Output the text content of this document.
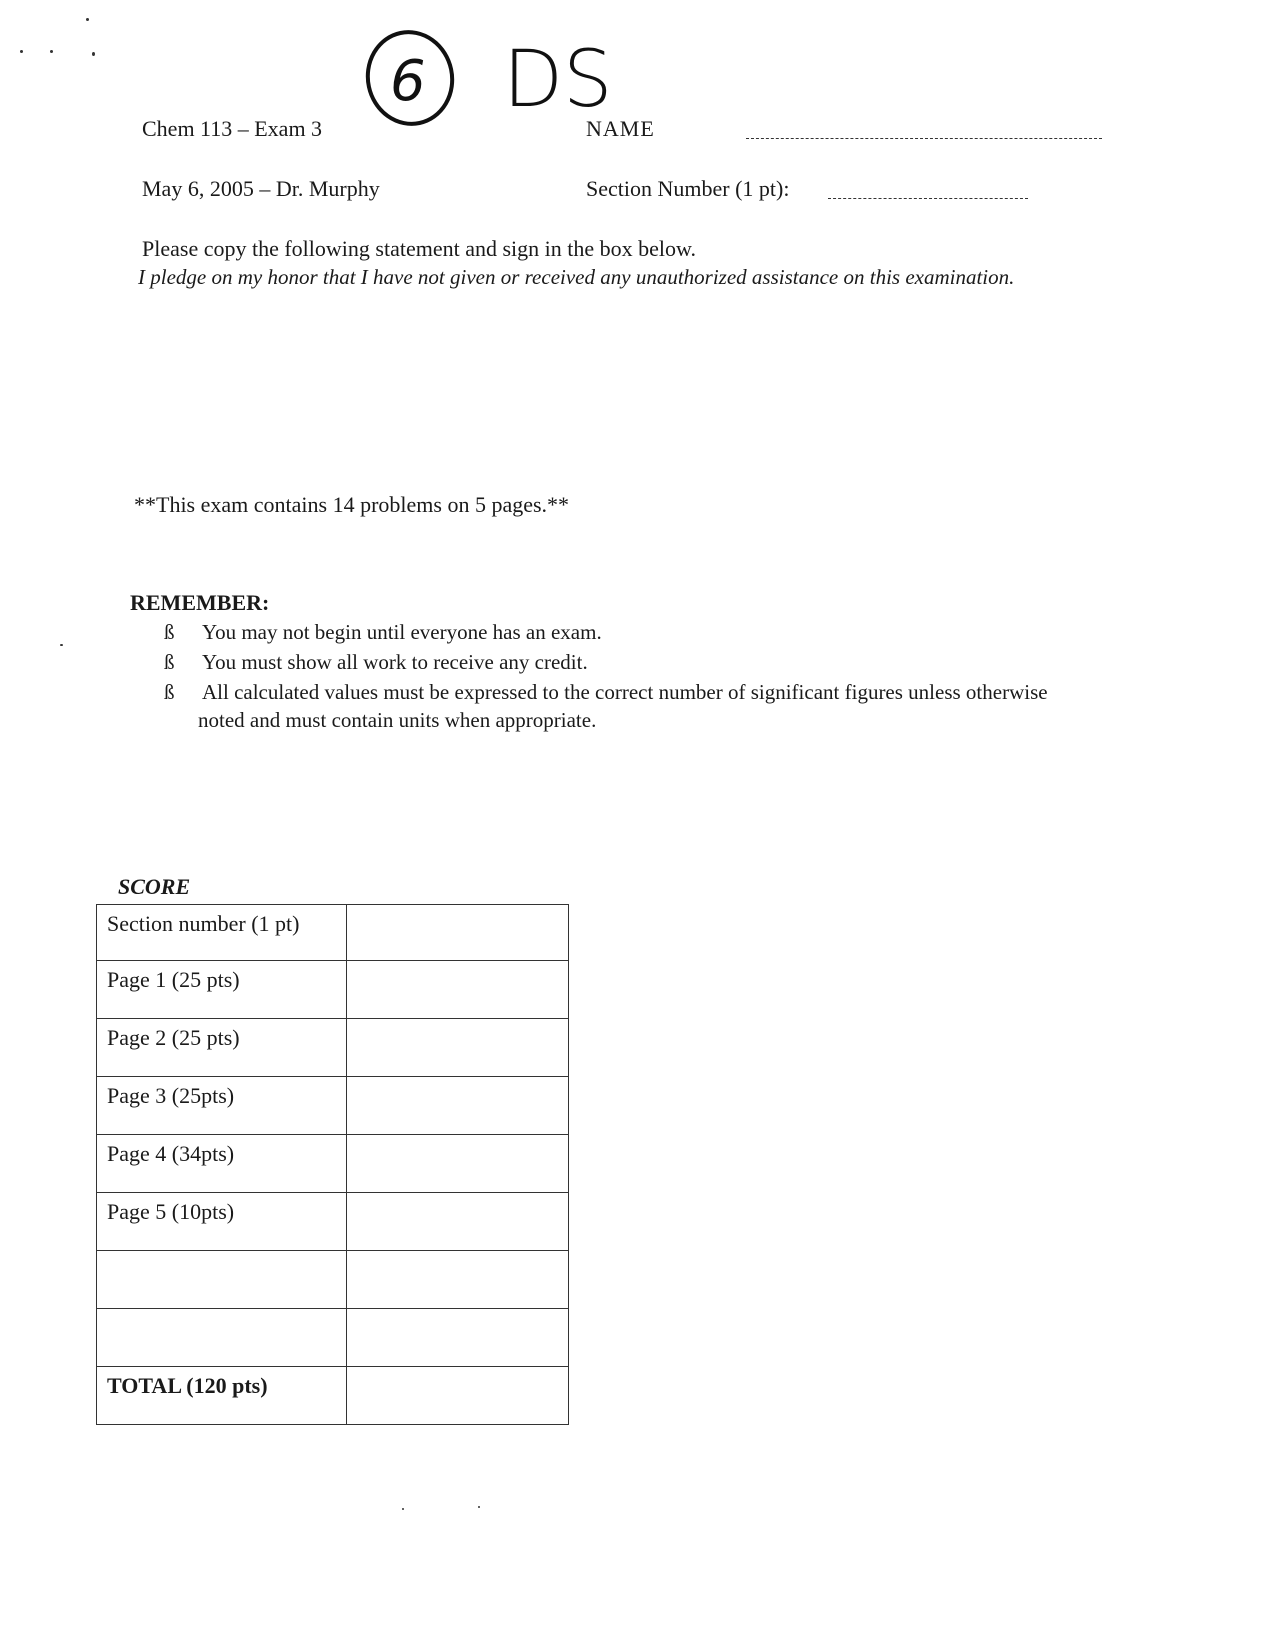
6 DS
Chem 113 – Exam 3	NAME
May 6, 2005 – Dr. Murphy	Section Number (1 pt):
Please copy the following statement and sign in the box below.
I pledge on my honor that I have not given or received any unauthorized assistance on this examination.
**This exam contains 14 problems on 5 pages.**
REMEMBER:
ß You may not begin until everyone has an exam.
ß You must show all work to receive any credit.
ß All calculated values must be expressed to the correct number of significant figures unless otherwise
noted and must contain units when appropriate.
SCORE
Section number (1 pt)	
Page 1 (25 pts)	
Page 2 (25 pts)	
Page 3 (25pts)	
Page 4 (34pts)	
Page 5 (10pts)	

TOTAL (120 pts)	
